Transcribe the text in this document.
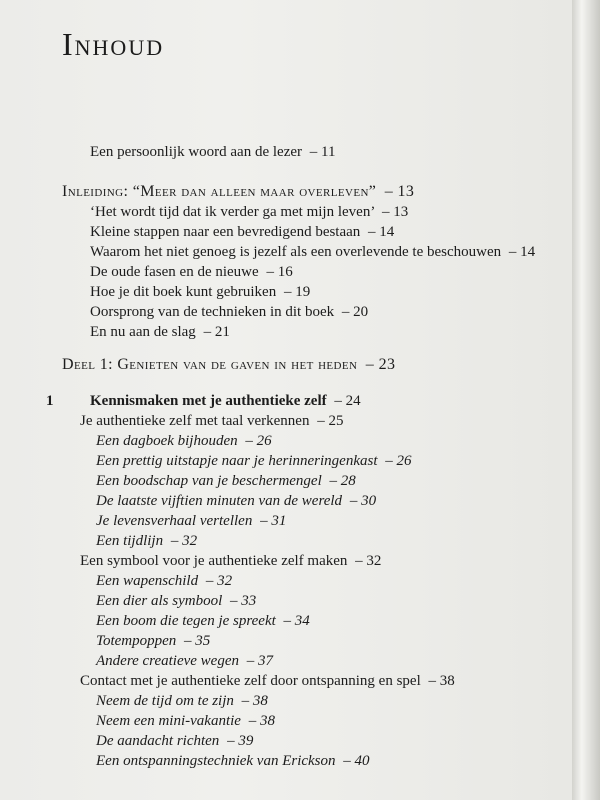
Inhoud
Een persoonlijk woord aan de lezer – 11
Inleiding: “Meer dan alleen maar overleven” – 13
‘Het wordt tijd dat ik verder ga met mijn leven’ – 13
Kleine stappen naar een bevredigend bestaan – 14
Waarom het niet genoeg is jezelf als een overlevende te beschouwen – 14
De oude fasen en de nieuwe – 16
Hoe je dit boek kunt gebruiken – 19
Oorsprong van de technieken in dit boek – 20
En nu aan de slag – 21
Deel 1: Genieten van de gaven in het heden – 23
1 Kennismaken met je authentieke zelf – 24
Je authentieke zelf met taal verkennen – 25
Een dagboek bijhouden – 26
Een prettig uitstapje naar je herinneringenkast – 26
Een boodschap van je beschermengel – 28
De laatste vijftien minuten van de wereld – 30
Je levensverhaal vertellen – 31
Een tijdlijn – 32
Een symbool voor je authentieke zelf maken – 32
Een wapenschild – 32
Een dier als symbool – 33
Een boom die tegen je spreekt – 34
Totempoppen – 35
Andere creatieve wegen – 37
Contact met je authentieke zelf door ontspanning en spel – 38
Neem de tijd om te zijn – 38
Neem een mini-vakantie – 38
De aandacht richten – 39
Een ontspanningstechniek van Erickson – 40
